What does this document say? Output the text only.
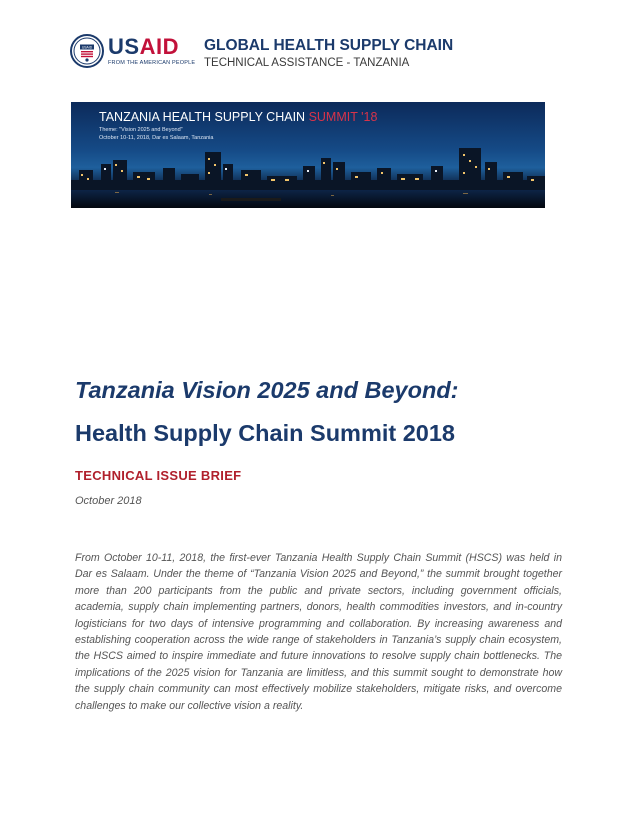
USAID USAID
FROM THE AMERICAN PEOPLE
GLOBAL HEALTH SUPPLY CHAIN
TECHNICAL ASSISTANCE - TANZANIA
TANZANIA HEALTH SUPPLY CHAIN SUMMIT '18
Theme: "Vision 2025 and Beyond"
October 10-11, 2018, Dar es Salaam, Tanzania
Tanzania Vision 2025 and Beyond:
Health Supply Chain Summit 2018
TECHNICAL ISSUE BRIEF
October 2018

From October 10-11, 2018, the first-ever Tanzania Health Supply Chain Summit (HSCS) was held in Dar es Salaam. Under the theme of “Tanzania Vision 2025 and Beyond,” the summit brought together more than 200 participants from the public and private sectors, including government officials, academia, supply chain implementing partners, donors, health commodities investors, and in-country logisticians for two days of intensive programming and collaboration. By increasing awareness and establishing cooperation across the wide range of stakeholders in Tanzania’s supply chain ecosystem, the HSCS aimed to inspire immediate and future innovations to resolve supply chain bottlenecks. The implications of the 2025 vision for Tanzania are limitless, and this summit sought to demonstrate how the supply chain community can most effectively mobilize stakeholders, mitigate risks, and overcome challenges to make our collective vision a reality.
